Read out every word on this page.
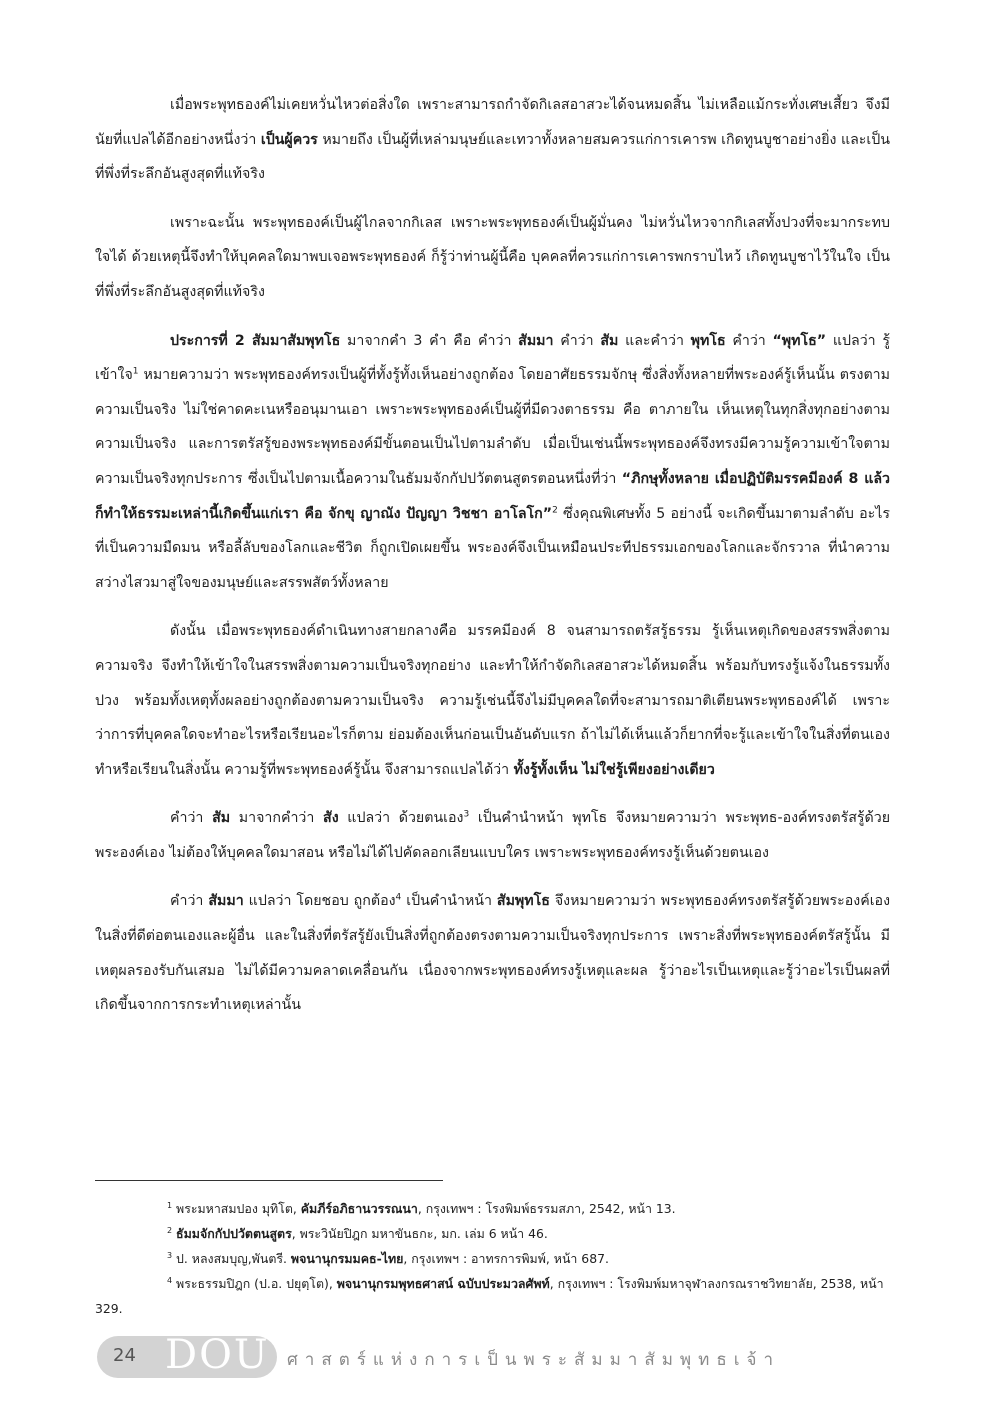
เมื่อพระพุทธองค์ไม่เคยหวั่นไหวต่อสิ่งใด เพราะสามารถกำจัดกิเลสอาสวะได้จนหมดสิ้น ไม่เหลือแม้กระทั่งเศษเสี้ยว จึงมีนัยที่แปลได้อีกอย่างหนึ่งว่า เป็นผู้ควร หมายถึง เป็นผู้ที่เหล่ามนุษย์และเทวาทั้งหลายสมควรแก่การเคารพ เกิดทูนบูชาอย่างยิ่ง และเป็นที่พึ่งที่ระลึกอันสูงสุดที่แท้จริง

เพราะฉะนั้น พระพุทธองค์เป็นผู้ไกลจากกิเลส เพราะพระพุทธองค์เป็นผู้มั่นคง ไม่หวั่นไหวจากกิเลสทั้งปวงที่จะมากระทบใจได้ ด้วยเหตุนี้จึงทำให้บุคคลใดมาพบเจอพระพุทธองค์ ก็รู้ว่าท่านผู้นี้คือ บุคคลที่ควรแก่การเคารพกราบไหว้ เกิดทูนบูชาไว้ในใจ เป็นที่พึ่งที่ระลึกอันสูงสุดที่แท้จริง

ประการที่ 2 สัมมาสัมพุทโธ มาจากคำ 3 คำ คือ คำว่า สัมมา คำว่า สัม และคำว่า พุทโธ คำว่า “พุทโธ” แปลว่า รู้ เข้าใจ$^1$ หมายความว่า พระพุทธองค์ทรงเป็นผู้ที่ทั้งรู้ทั้งเห็นอย่างถูกต้อง โดยอาศัยธรรมจักษุ ซึ่งสิ่งทั้งหลายที่พระองค์รู้เห็นนั้น ตรงตามความเป็นจริง ไม่ใช่คาดคะเนหรืออนุมานเอา เพราะพระพุทธองค์เป็นผู้ที่มีดวงตาธรรม คือ ตาภายใน เห็นเหตุในทุกสิ่งทุกอย่างตามความเป็นจริง และการตรัสรู้ของพระพุทธองค์มีขั้นตอนเป็นไปตามลำดับ เมื่อเป็นเช่นนี้พระพุทธองค์จึงทรงมีความรู้ความเข้าใจตามความเป็นจริงทุกประการ ซึ่งเป็นไปตามเนื้อความในธัมมจักกัปปวัตตนสูตรตอนหนึ่งที่ว่า “ภิกษุทั้งหลาย เมื่อปฏิบัติมรรคมีองค์ 8 แล้ว ก็ทำให้ธรรมะเหล่านี้เกิดขึ้นแก่เรา คือ จักขุ ญาณัง ปัญญา วิชชา อาโลโก”$^2$ ซึ่งคุณพิเศษทั้ง 5 อย่างนี้ จะเกิดขึ้นมาตามลำดับ อะไรที่เป็นความมืดมน หรือลี้ลับของโลกและชีวิต ก็ถูกเปิดเผยขึ้น พระองค์จึงเป็นเหมือนประทีปธรรมเอกของโลกและจักรวาล ที่นำความสว่างไสวมาสู่ใจของมนุษย์และสรรพสัตว์ทั้งหลาย

ดังนั้น เมื่อพระพุทธองค์ดำเนินทางสายกลางคือ มรรคมีองค์ 8 จนสามารถตรัสรู้ธรรม รู้เห็นเหตุเกิดของสรรพสิ่งตามความจริง จึงทำให้เข้าใจในสรรพสิ่งตามความเป็นจริงทุกอย่าง และทำให้กำจัดกิเลสอาสวะได้หมดสิ้น พร้อมกับทรงรู้แจ้งในธรรมทั้งปวง พร้อมทั้งเหตุทั้งผลอย่างถูกต้องตามความเป็นจริง ความรู้เช่นนี้จึงไม่มีบุคคลใดที่จะสามารถมาติเตียนพระพุทธองค์ได้ เพราะว่าการที่บุคคลใดจะทำอะไรหรือเรียนอะไรก็ตาม ย่อมต้องเห็นก่อนเป็นอันดับแรก ถ้าไม่ได้เห็นแล้วก็ยากที่จะรู้และเข้าใจในสิ่งที่ตนเองทำหรือเรียนในสิ่งนั้น ความรู้ที่พระพุทธองค์รู้นั้น จึงสามารถแปลได้ว่า ทั้งรู้ทั้งเห็น ไม่ใช่รู้เพียงอย่างเดียว

คำว่า สัม มาจากคำว่า สัง แปลว่า ด้วยตนเอง$^3$ เป็นคำนำหน้า พุทโธ จึงหมายความว่า พระพุทธ-องค์ทรงตรัสรู้ด้วยพระองค์เอง ไม่ต้องให้บุคคลใดมาสอน หรือไม่ได้ไปคัดลอกเลียนแบบใคร เพราะพระพุทธองค์ทรงรู้เห็นด้วยตนเอง

คำว่า สัมมา แปลว่า โดยชอบ ถูกต้อง$^4$ เป็นคำนำหน้า สัมพุทโธ จึงหมายความว่า พระพุทธองค์ทรงตรัสรู้ด้วยพระองค์เองในสิ่งที่ดีต่อตนเองและผู้อื่น และในสิ่งที่ตรัสรู้ยังเป็นสิ่งที่ถูกต้องตรงตามความเป็นจริงทุกประการ เพราะสิ่งที่พระพุทธองค์ตรัสรู้นั้น มีเหตุผลรองรับกันเสมอ ไม่ได้มีความคลาดเคลื่อนกัน เนื่องจากพระพุทธองค์ทรงรู้เหตุและผล รู้ว่าอะไรเป็นเหตุและรู้ว่าอะไรเป็นผลที่เกิดขึ้นจากการกระทำเหตุเหล่านั้น

$^1$ พระมหาสมปอง มุทิโต, คัมภีร์อภิธานวรรณนา, กรุงเทพฯ : โรงพิมพ์ธรรมสภา, 2542, หน้า 13.

$^2$ ธัมมจักกัปปวัตตนสูตร, พระวินัยปิฎก มหาขันธกะ, มก. เล่ม 6 หน้า 46.

$^3$ ป. หลงสมบุญ,พันตรี. พจนานุกรมมคธ-ไทย, กรุงเทพฯ : อาทรการพิมพ์, หน้า 687.

$^4$ พระธรรมปิฎก (ป.อ. ปยุตฺโต), พจนานุกรมพุทธศาสน์ ฉบับประมวลศัพท์, กรุงเทพฯ : โรงพิมพ์มหาจุฬาลงกรณราชวิทยาลัย, 2538, หน้า 329.

24 DOU ศาสตร์แห่งการเป็นพระสัมมาสัมพุทธเจ้า
